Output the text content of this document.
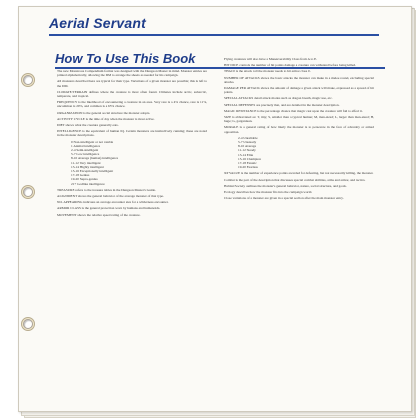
Aerial Servant
How To Use This Book

The new Monstrous Compendium format was designed with the Dungeon Master in mind. Monster entries are printed alphabetically, allowing the DM to arrange the sheets as needed for his campaign.

All monsters described here are typical for their type. Variations of a given monster are possible; this is left to the DM.

CLIMATE/TERRAIN defines where the creature is most often found. Climates include arctic, subarctic, temperate, and tropical.

FREQUENCY is the likelihood of encountering a creature in an area. Very rare is a 4% chance, rare is 11%, uncommon is 20%, and common is a 65% chance.

ORGANIZATION is the general social structure the monster adopts.

ACTIVITY CYCLE is the time of day when the monster is most active.

DIET shows what the creature generally eats.

INTELLIGENCE is the equivalent of human IQ. Certain monsters are instinctively cunning; these are noted in the monster descriptions.

0 Non-intelligent or not ratable
1 Animal intelligence
2-4 Semi-intelligent
5-7 Low intelligence
8-10 Average (human) intelligence
11-12 Very intelligent
13-14 Highly intelligent
15-16 Exceptionally intelligent
17-18 Genius
19-20 Supra-genius
21+ Godlike intelligence

TREASURE refers to the treasure tables in the Dungeon Master's Guide.

ALIGNMENT shows the general behavior of the average monster of that type.

NO. APPEARING indicates an average encounter size for a wilderness encounter.

ARMOR CLASS is the general protection worn by humans and humanoids.

MOVEMENT shows the relative speed rating of the creature.

Flying creatures will also have a Maneuverability Class from A to E.

HIT DICE controls the number of hit points damage a creature can withstand before being killed.

THAC0 is the attack roll the monster needs to hit armor class 0.

NUMBER OF ATTACKS shows the basic attacks the monster can make in a melee round, excluding special attacks.

DAMAGE PER ATTACK shows the amount of damage a given attack will make, expressed as a spread of hit points.

SPECIAL ATTACKS detail attack modes such as dragon breath, magic use, etc.

SPECIAL DEFENSES are precisely that, and are detailed in the monster description.

MAGIC RESISTANCE is the percentage chance that magic cast upon the creature will fail to affect it.

SIZE is abbreviated as: T, tiny; S, smaller than a typical human; M, man-sized; L, larger than man-sized; H, huge; G, gargantuan.

MORALE is a general rating of how likely the monster is to persevere in the face of adversity or armed opposition.

2-4 Unreliable
5-7 Unsteady
8-10 Average
11-12 Steady
13-14 Elite
15-16 Champion
17-18 Fanatic
19-20 Fearless

XP VALUE is the number of experience points awarded for defeating, but not necessarily killing, the monster.

Combat is the part of the description that discusses special combat abilities, arms and armor, and tactics.

Habitat/Society outlines the monster's general behavior, nature, social structure, and goals.

Ecology describes how the monster fits into the campaign world.

Close variations of a monster are given in a special section after the main monster entry.
